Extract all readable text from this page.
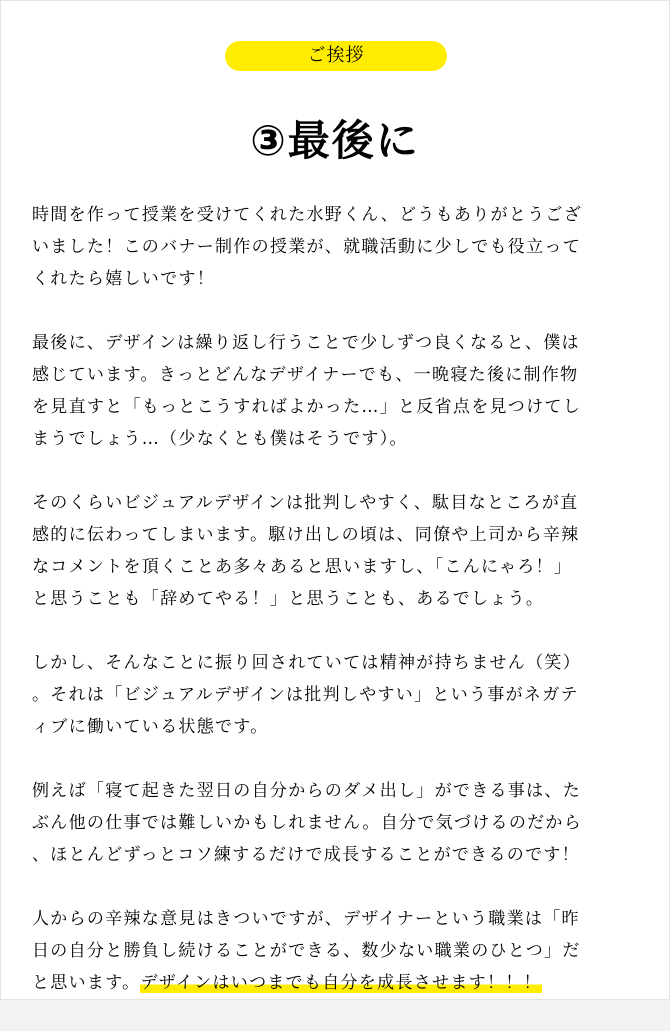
ご挨拶
③最後に
時間を作って授業を受けてくれた水野くん、どうもありがとうござ
いました！このバナー制作の授業が、就職活動に少しでも役立って
くれたら嬉しいです！
最後に、デザインは繰り返し行うことで少しずつ良くなると、僕は
感じています。きっとどんなデザイナーでも、一晩寝た後に制作物
を見直すと「もっとこうすればよかった…」と反省点を見つけてし
まうでしょう…（少なくとも僕はそうです）。
そのくらいビジュアルデザインは批判しやすく、駄目なところが直
感的に伝わってしまいます。駆け出しの頃は、同僚や上司から辛辣
なコメントを頂くことあ多々あると思いますし、「こんにゃろ！」
と思うことも「辞めてやる！」と思うことも、あるでしょう。
しかし、そんなことに振り回されていては精神が持ちません（笑）
。それは「ビジュアルデザインは批判しやすい」という事がネガテ
ィブに働いている状態です。
例えば「寝て起きた翌日の自分からのダメ出し」ができる事は、た
ぶん他の仕事では難しいかもしれません。自分で気づけるのだから
、ほとんどずっとコソ練するだけで成長することができるのです！
人からの辛辣な意見はきついですが、デザイナーという職業は「昨
日の自分と勝負し続けることができる、数少ない職業のひとつ」だ
と思います。デザインはいつまでも自分を成長させます！！！
